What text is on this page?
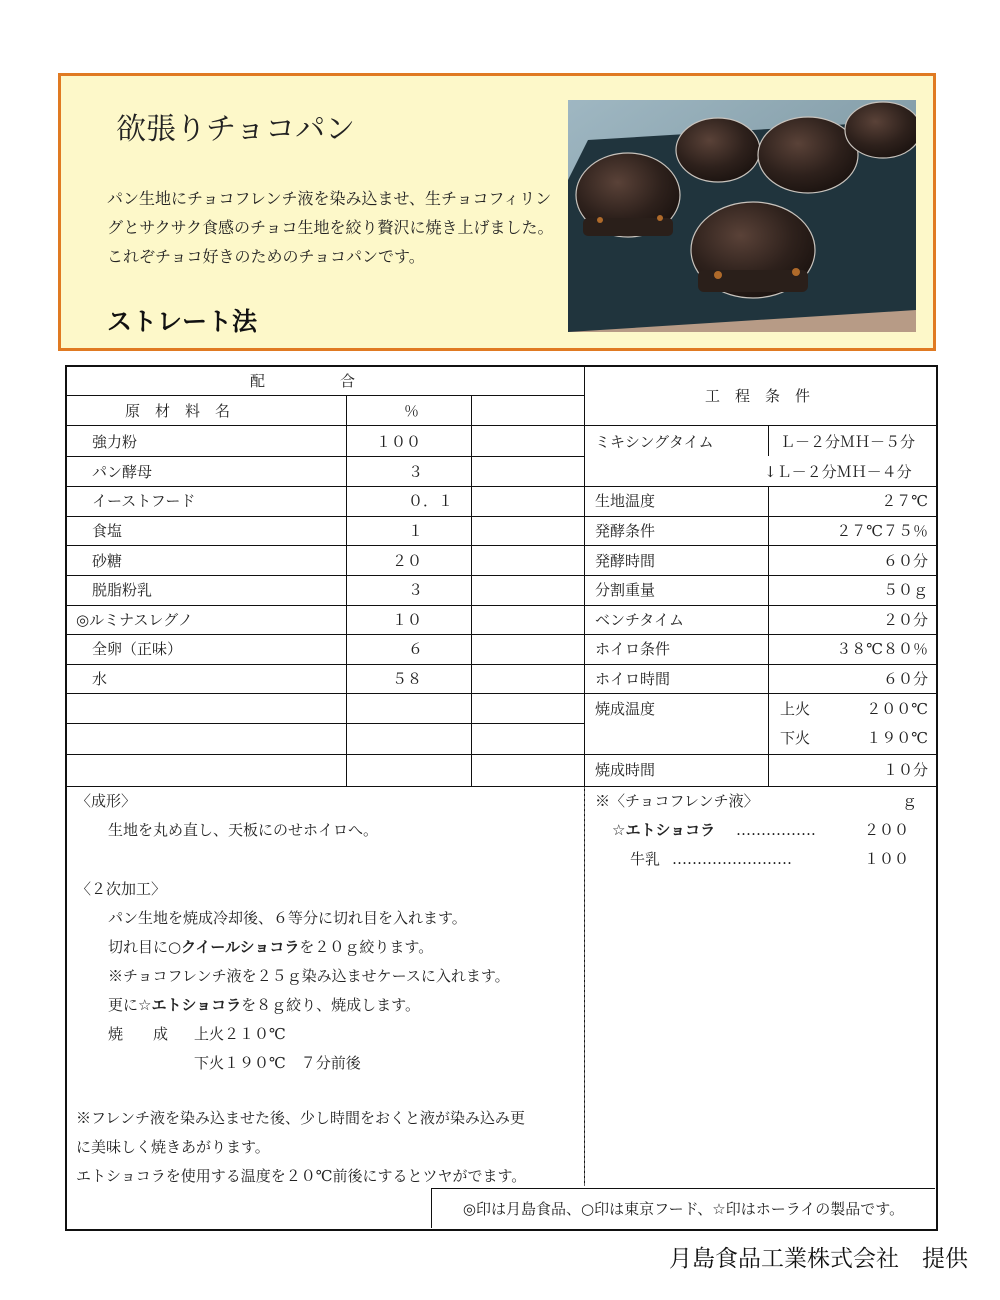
欲張りチョコパン
パン生地にチョコフレンチ液を染み込ませ、生チョコフィリングとサクサク食感のチョコ生地を絞り贅沢に焼き上げました。これぞチョコ好きのためのチョコパンです。
ストレート法
配　　　　　合
原　材　料　名	％
工　程　条　件
強力粉	１００
パン酵母	３
イーストフード	０．１
食塩	１
砂糖	２０
脱脂粉乳	３
◎ルミナスレグノ	１０
全卵（正味）	６
水	５８
ミキシングタイム	Ｌ－２分ＭＨ－５分
↓Ｌ－２分ＭＨ－４分
生地温度	２７℃
発酵条件	２７℃７５％
発酵時間	６０分
分割重量	５０ｇ
ベンチタイム	２０分
ホイロ条件	３８℃８０％
ホイロ時間	６０分
焼成温度	上火	２００℃
下火	１９０℃
焼成時間	１０分
〈成形〉
生地を丸め直し、天板にのせホイロへ。
〈２次加工〉
パン生地を焼成冷却後、６等分に切れ目を入れます。
切れ目に○クイールショコラを２０ｇ絞ります。
※チョコフレンチ液を２５ｇ染み込ませケースに入れます。
更に☆エトショコラを８ｇ絞り、焼成します。
焼　　成 上火２１０℃
下火１９０℃　７分前後
※フレンチ液を染み込ませた後、少し時間をおくと液が染み込み更
に美味しく焼きあがります。
エトショコラを使用する温度を２０℃前後にするとツヤがでます。
※〈チョコフレンチ液〉	ｇ
☆エトショコラ …………….	２００
牛乳 ……………………	１００
◎印は月島食品、○印は東京フード、☆印はホーライの製品です。
月島食品工業株式会社　提供
